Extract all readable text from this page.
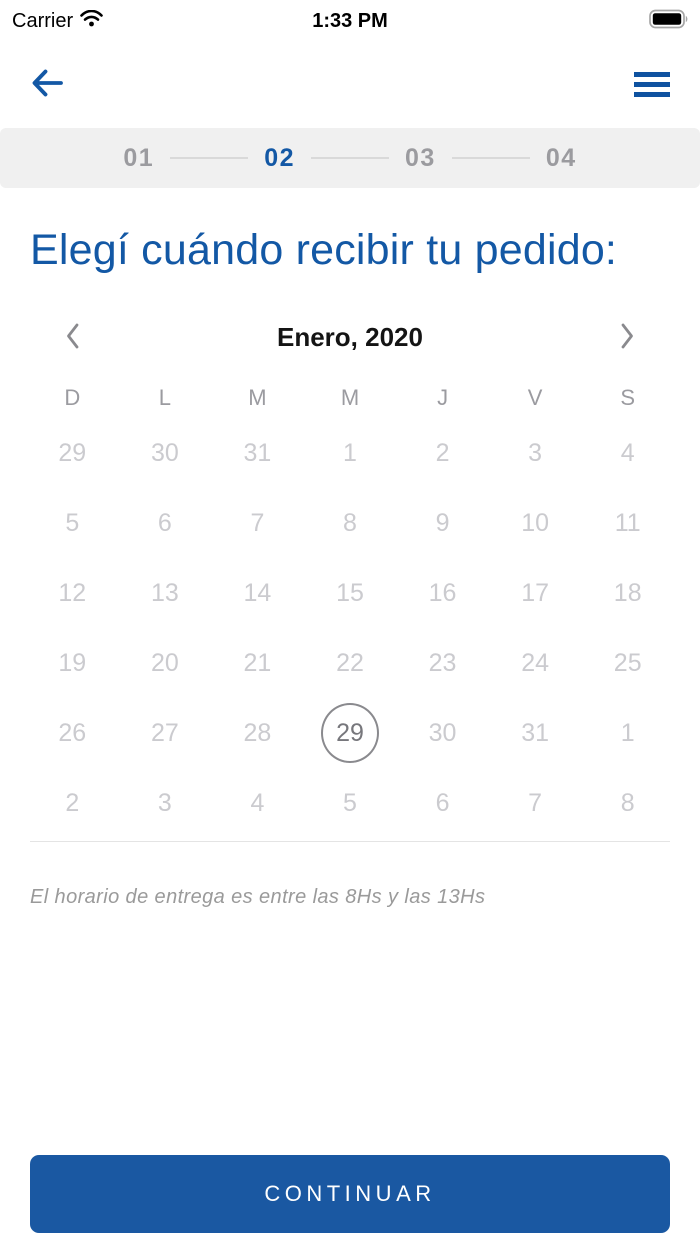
Carrier	1:33 PM
01	02	03	04
Elegí cuándo recibir tu pedido:
Enero, 2020
D	L	M	M	J	V	S
29	30	31	1	2	3	4
5	6	7	8	9	10	11
12	13	14	15	16	17	18
19	20	21	22	23	24	25
26	27	28	29	30	31	1
2	3	4	5	6	7	8

El horario de entrega es entre las 8Hs y las 13Hs

CONTINUAR
